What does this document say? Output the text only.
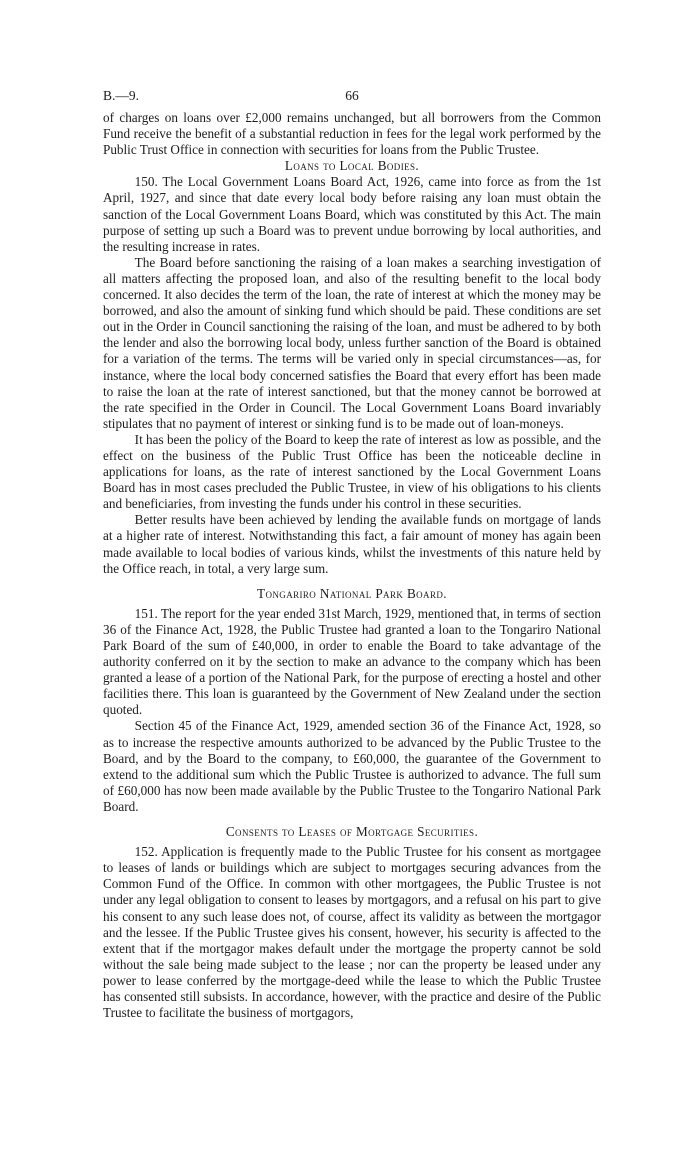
B.—9.	66

of charges on loans over £2,000 remains unchanged, but all borrowers from the Common Fund receive the benefit of a substantial reduction in fees for the legal work performed by the Public Trust Office in connection with securities for loans from the Public Trustee.

Loans to Local Bodies.

150. The Local Government Loans Board Act, 1926, came into force as from the 1st April, 1927, and since that date every local body before raising any loan must obtain the sanction of the Local Government Loans Board, which was constituted by this Act. The main purpose of setting up such a Board was to prevent undue borrowing by local authorities, and the resulting increase in rates.

The Board before sanctioning the raising of a loan makes a searching investigation of all matters affecting the proposed loan, and also of the resulting benefit to the local body concerned. It also decides the term of the loan, the rate of interest at which the money may be borrowed, and also the amount of sinking fund which should be paid. These conditions are set out in the Order in Council sanctioning the raising of the loan, and must be adhered to by both the lender and also the borrowing local body, unless further sanction of the Board is obtained for a variation of the terms. The terms will be varied only in special circumstances—as, for instance, where the local body concerned satisfies the Board that every effort has been made to raise the loan at the rate of interest sanctioned, but that the money cannot be borrowed at the rate specified in the Order in Council. The Local Government Loans Board invariably stipulates that no payment of interest or sinking fund is to be made out of loan-moneys.

It has been the policy of the Board to keep the rate of interest as low as possible, and the effect on the business of the Public Trust Office has been the noticeable decline in applications for loans, as the rate of interest sanctioned by the Local Government Loans Board has in most cases precluded the Public Trustee, in view of his obligations to his clients and beneficiaries, from investing the funds under his control in these securities.

Better results have been achieved by lending the available funds on mortgage of lands at a higher rate of interest. Notwithstanding this fact, a fair amount of money has again been made available to local bodies of various kinds, whilst the investments of this nature held by the Office reach, in total, a very large sum.

Tongariro National Park Board.

151. The report for the year ended 31st March, 1929, mentioned that, in terms of section 36 of the Finance Act, 1928, the Public Trustee had granted a loan to the Tongariro National Park Board of the sum of £40,000, in order to enable the Board to take advantage of the authority conferred on it by the section to make an advance to the company which has been granted a lease of a portion of the National Park, for the purpose of erecting a hostel and other facilities there. This loan is guaranteed by the Government of New Zealand under the section quoted.

Section 45 of the Finance Act, 1929, amended section 36 of the Finance Act, 1928, so as to increase the respective amounts authorized to be advanced by the Public Trustee to the Board, and by the Board to the company, to £60,000, the guarantee of the Government to extend to the additional sum which the Public Trustee is authorized to advance. The full sum of £60,000 has now been made available by the Public Trustee to the Tongariro National Park Board.

Consents to Leases of Mortgage Securities.

152. Application is frequently made to the Public Trustee for his consent as mortgagee to leases of lands or buildings which are subject to mortgages securing advances from the Common Fund of the Office. In common with other mortgagees, the Public Trustee is not under any legal obligation to consent to leases by mortgagors, and a refusal on his part to give his consent to any such lease does not, of course, affect its validity as between the mortgagor and the lessee. If the Public Trustee gives his consent, however, his security is affected to the extent that if the mortgagor makes default under the mortgage the property cannot be sold without the sale being made subject to the lease ; nor can the property be leased under any power to lease conferred by the mortgage-deed while the lease to which the Public Trustee has consented still subsists. In accordance, however, with the practice and desire of the Public Trustee to facilitate the business of mortgagors,
